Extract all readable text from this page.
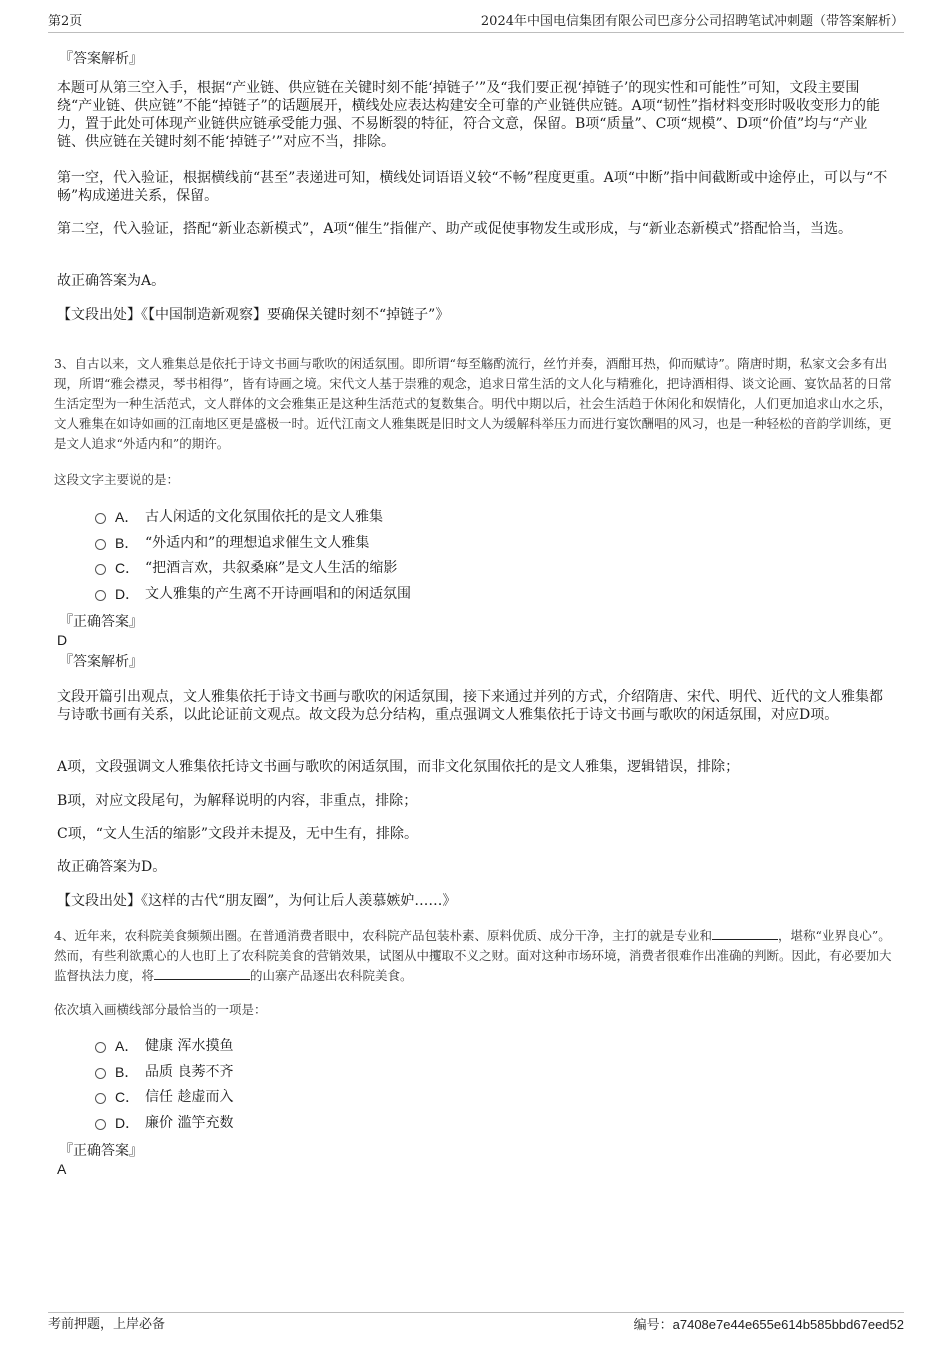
第2页	2024年中国电信集团有限公司巴彦分公司招聘笔试冲刺题（带答案解析）
『答案解析』

本题可从第三空入手，根据“产业链、供应链在关键时刻不能‘掉链子’”及“我们要正视‘掉链子’的现实性和可能性”可知，文段主要围绕“产业链、供应链”不能“掉链子”的话题展开，横线处应表达构建安全可靠的产业链供应链。A项“韧性”指材料变形时吸收变形力的能力，置于此处可体现产业链供应链承受能力强、不易断裂的特征，符合文意，保留。B项“质量”、C项“规模”、D项“价值”均与“产业链、供应链在关键时刻不能‘掉链子’”对应不当，排除。

第一空，代入验证，根据横线前“甚至”表递进可知，横线处词语语义较“不畅”程度更重。A项“中断”指中间截断或中途停止，可以与“不畅”构成递进关系，保留。

第二空，代入验证，搭配“新业态新模式”，A项“催生”指催产、助产或促使事物发生或形成，与“新业态新模式”搭配恰当，当选。

故正确答案为A。

【文段出处】《【中国制造新观察】要确保关键时刻不“掉链子”》

3、自古以来，文人雅集总是依托于诗文书画与歌吹的闲适氛围。即所谓“每至觞酌流行，丝竹并奏，酒酣耳热，仰而赋诗”。隋唐时期，私家文会多有出现，所谓“雅会襟灵，琴书相得”，皆有诗画之境。宋代文人基于崇雅的观念，追求日常生活的文人化与精雅化，把诗酒相得、谈文论画、宴饮品茗的日常生活定型为一种生活范式，文人群体的文会雅集正是这种生活范式的复数集合。明代中期以后，社会生活趋于休闲化和娱情化，人们更加追求山水之乐，文人雅集在如诗如画的江南地区更是盛极一时。近代江南文人雅集既是旧时文人为缓解科举压力而进行宴饮酬唱的风习，也是一种轻松的音韵学训练，更是文人追求“外适内和”的期许。

这段文字主要说的是：

A． 古人闲适的文化氛围依托的是文人雅集
B． “外适内和”的理想追求催生文人雅集
C． “把酒言欢，共叙桑麻”是文人生活的缩影
D． 文人雅集的产生离不开诗画唱和的闲适氛围
『正确答案』
D
『答案解析』

文段开篇引出观点，文人雅集依托于诗文书画与歌吹的闲适氛围，接下来通过并列的方式，介绍隋唐、宋代、明代、近代的文人雅集都与诗歌书画有关系，以此论证前文观点。故文段为总分结构，重点强调文人雅集依托于诗文书画与歌吹的闲适氛围，对应D项。

A项，文段强调文人雅集依托诗文书画与歌吹的闲适氛围，而非文化氛围依托的是文人雅集，逻辑错误，排除；

B项，对应文段尾句，为解释说明的内容，非重点，排除；

C项，“文人生活的缩影”文段并未提及，无中生有，排除。

故正确答案为D。

【文段出处】《这样的古代“朋友圈”，为何让后人羡慕嫉妒……》

4、近年来，农科院美食频频出圈。在普通消费者眼中，农科院产品包装朴素、原料优质、成分干净，主打的就是专业和	，堪称“业界良心”。然而，有些利欲熏心的人也盯上了农科院美食的营销效果，试图从中攫取不义之财。面对这种市场环境，消费者很难作出准确的判断。因此，有必要加大监督执法力度，将	的山寨产品逐出农科院美食。

依次填入画横线部分最恰当的一项是：

A． 健康 浑水摸鱼
B． 品质 良莠不齐
C． 信任 趁虚而入
D． 廉价 滥竽充数
『正确答案』
A
考前押题，上岸必备	编号：a7408e7e44e655e614b585bbd67eed52
